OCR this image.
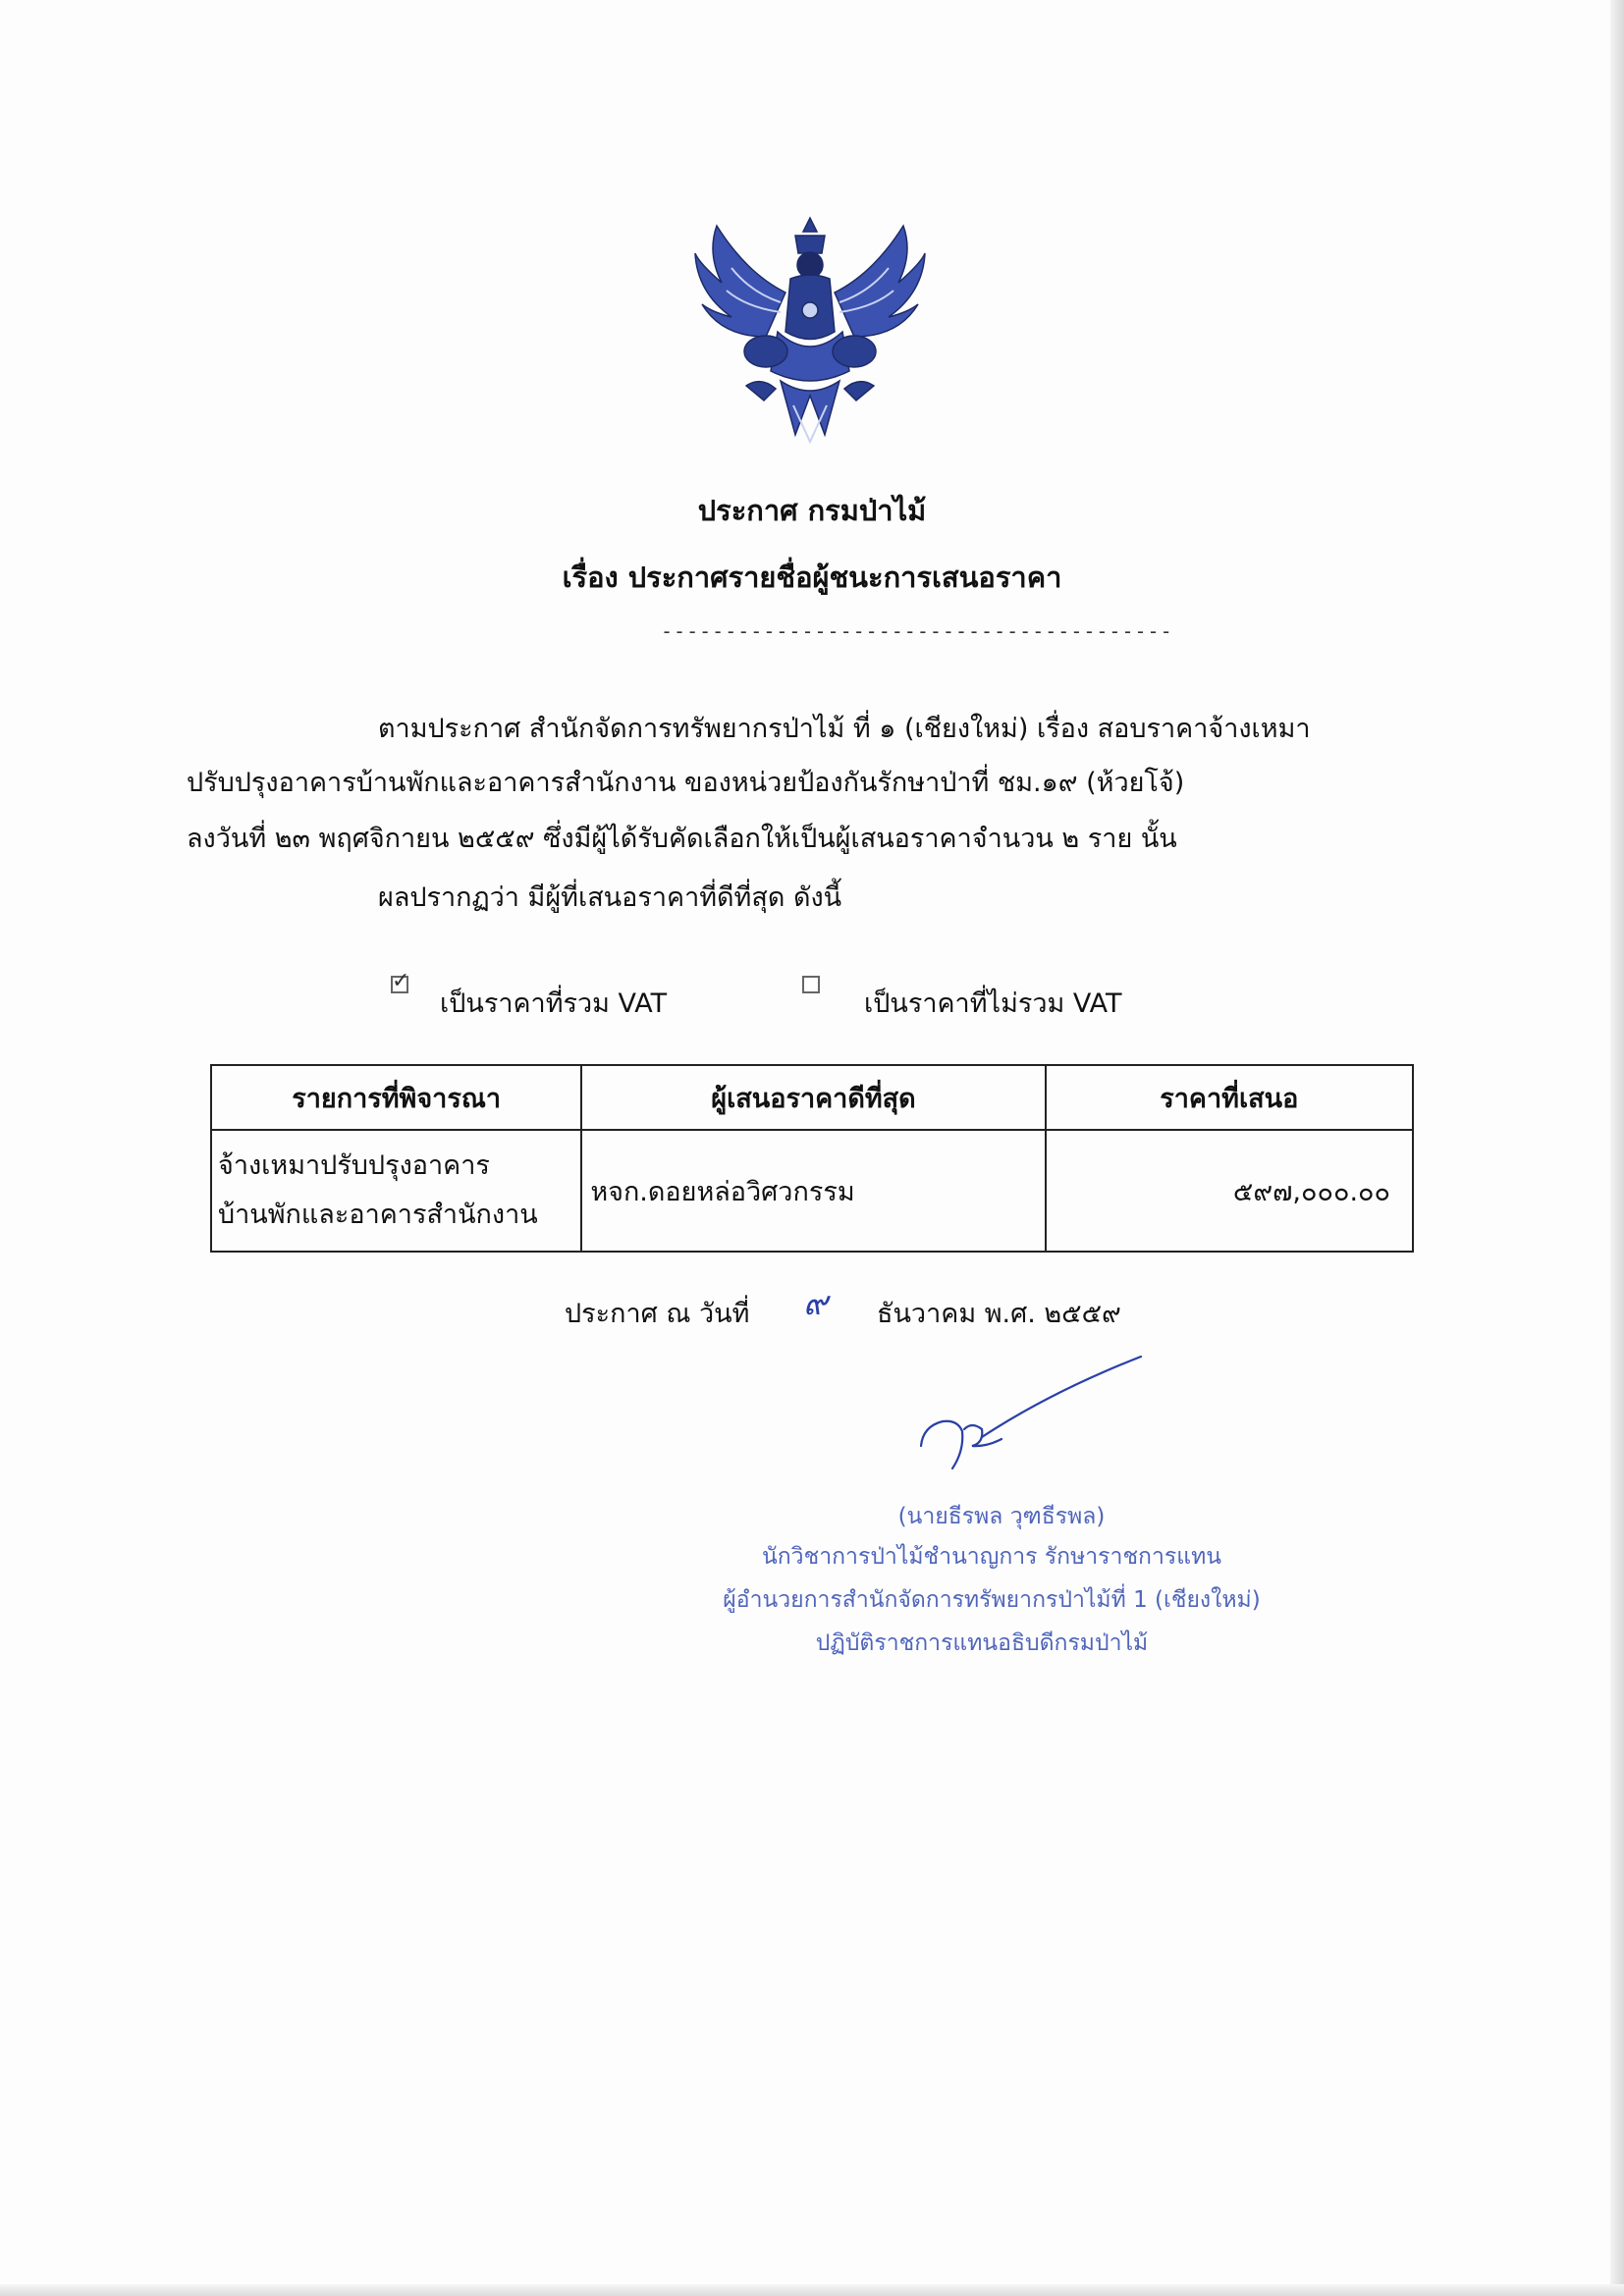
ประกาศ กรมป่าไม้
เรื่อง ประกาศรายชื่อผู้ชนะการเสนอราคา
----------------------------------------
ตามประกาศ สำนักจัดการทรัพยากรป่าไม้ ที่ ๑ (เชียงใหม่) เรื่อง สอบราคาจ้างเหมา
ปรับปรุงอาคารบ้านพักและอาคารสำนักงาน ของหน่วยป้องกันรักษาป่าที่ ชม.๑๙ (ห้วยโจ้)
ลงวันที่ ๒๓ พฤศจิกายน ๒๕๕๙ ซึ่งมีผู้ได้รับคัดเลือกให้เป็นผู้เสนอราคาจำนวน ๒ ราย นั้น
ผลปรากฏว่า มีผู้ที่เสนอราคาที่ดีที่สุด ดังนี้
✓
เป็นราคาที่รวม VAT	เป็นราคาที่ไม่รวม VAT
รายการที่พิจารณา	ผู้เสนอราคาดีที่สุด	ราคาที่เสนอ

จ้างเหมาปรับปรุงอาคาร
บ้านพักและอาคารสำนักงาน	หจก.ดอยหล่อวิศวกรรม	๕๙๗,๐๐๐.๐๐
ประกาศ ณ วันที่ ๙ ธันวาคม พ.ศ. ๒๕๕๙
(นายธีรพล วุฑธีรพล)
นักวิชาการป่าไม้ชำนาญการ รักษาราชการแทน
ผู้อำนวยการสำนักจัดการทรัพยากรป่าไม้ที่ 1 (เชียงใหม่)
ปฏิบัติราชการแทนอธิบดีกรมป่าไม้
